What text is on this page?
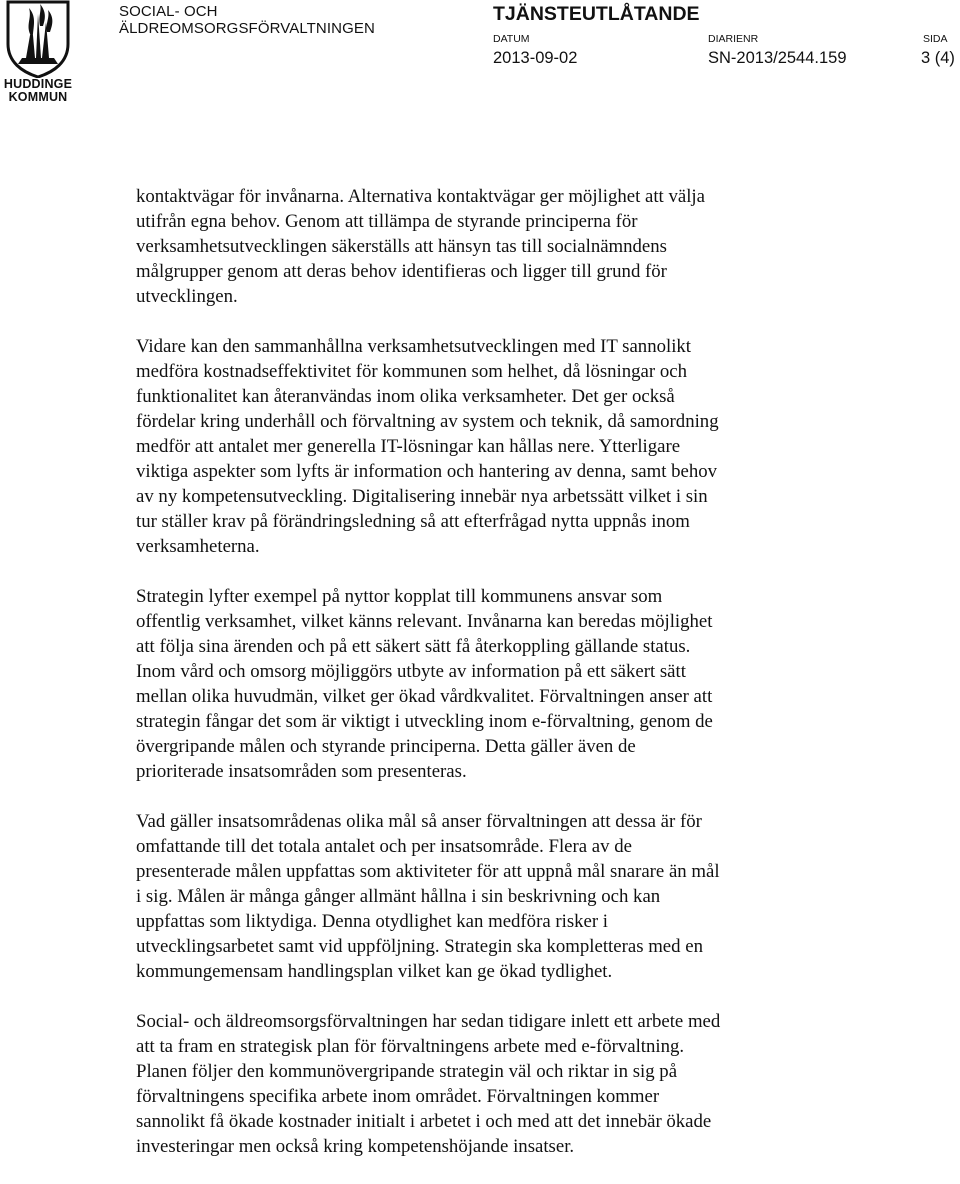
HUDDINGE
KOMMUN
SOCIAL- OCH
ÄLDREOMSORGSFÖRVALTNINGEN
TJÄNSTEUTLÅTANDE
DATUM
2013-09-02
DIARIENR
SN-2013/2544.159
SIDA
3 (4)

kontaktvägar för invånarna. Alternativa kontaktvägar ger möjlighet att välja
utifrån egna behov. Genom att tillämpa de styrande principerna för
verksamhetsutvecklingen säkerställs att hänsyn tas till socialnämndens
målgrupper genom att deras behov identifieras och ligger till grund för
utvecklingen.

Vidare kan den sammanhållna verksamhetsutvecklingen med IT sannolikt
medföra kostnadseffektivitet för kommunen som helhet, då lösningar och
funktionalitet kan återanvändas inom olika verksamheter. Det ger också
fördelar kring underhåll och förvaltning av system och teknik, då samordning
medför att antalet mer generella IT-lösningar kan hållas nere. Ytterligare
viktiga aspekter som lyfts är information och hantering av denna, samt behov
av ny kompetensutveckling. Digitalisering innebär nya arbetssätt vilket i sin
tur ställer krav på förändringsledning så att efterfrågad nytta uppnås inom
verksamheterna.

Strategin lyfter exempel på nyttor kopplat till kommunens ansvar som
offentlig verksamhet, vilket känns relevant. Invånarna kan beredas möjlighet
att följa sina ärenden och på ett säkert sätt få återkoppling gällande status.
Inom vård och omsorg möjliggörs utbyte av information på ett säkert sätt
mellan olika huvudmän, vilket ger ökad vårdkvalitet. Förvaltningen anser att
strategin fångar det som är viktigt i utveckling inom e-förvaltning, genom de
övergripande målen och styrande principerna. Detta gäller även de
prioriterade insatsområden som presenteras.

Vad gäller insatsområdenas olika mål så anser förvaltningen att dessa är för
omfattande till det totala antalet och per insatsområde. Flera av de
presenterade målen uppfattas som aktiviteter för att uppnå mål snarare än mål
i sig. Målen är många gånger allmänt hållna i sin beskrivning och kan
uppfattas som liktydiga. Denna otydlighet kan medföra risker i
utvecklingsarbetet samt vid uppföljning. Strategin ska kompletteras med en
kommungemensam handlingsplan vilket kan ge ökad tydlighet.

Social- och äldreomsorgsförvaltningen har sedan tidigare inlett ett arbete med
att ta fram en strategisk plan för förvaltningens arbete med e-förvaltning.
Planen följer den kommunövergripande strategin väl och riktar in sig på
förvaltningens specifika arbete inom området. Förvaltningen kommer
sannolikt få ökade kostnader initialt i arbetet i och med att det innebär ökade
investeringar men också kring kompetenshöjande insatser.
